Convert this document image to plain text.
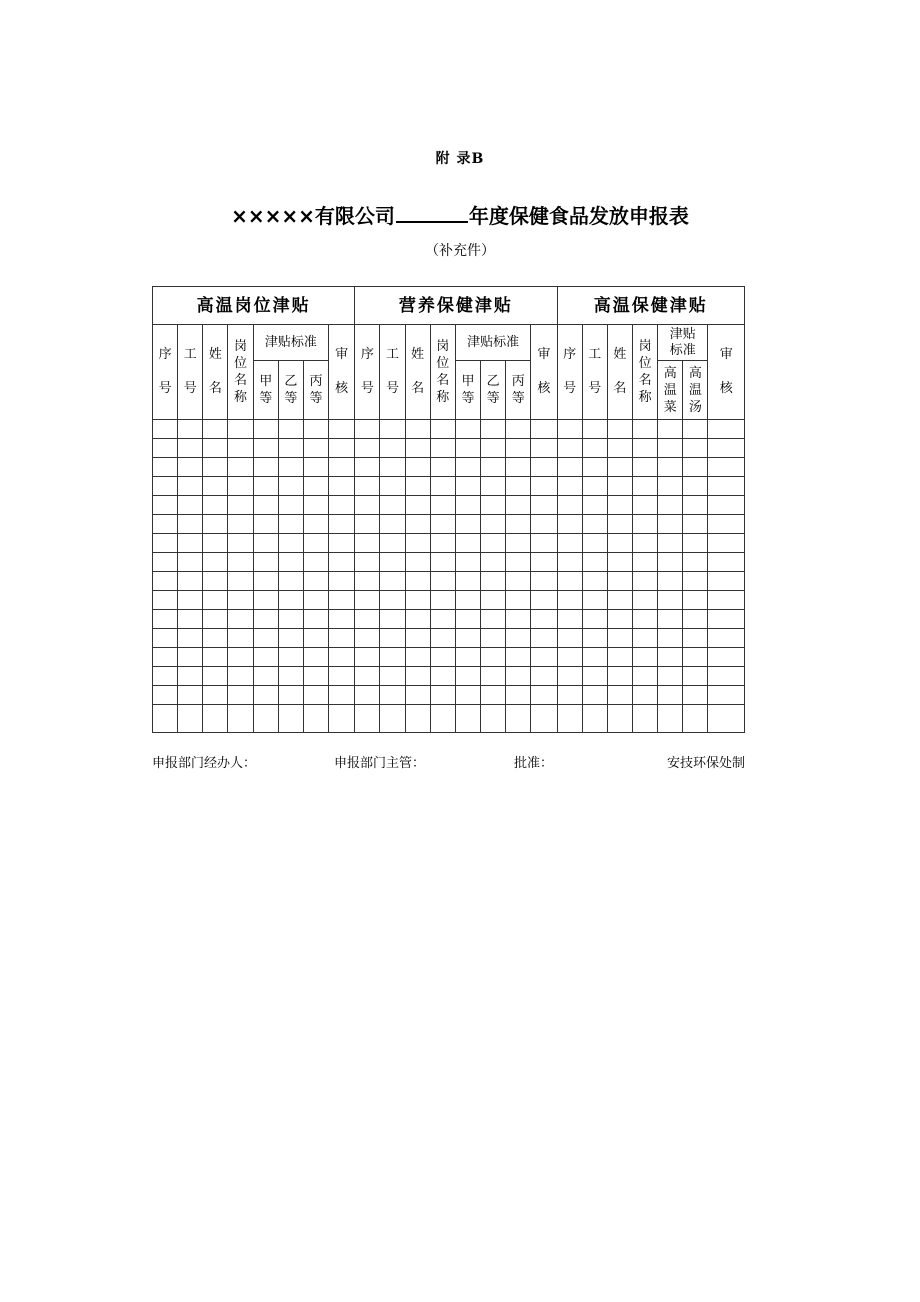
附 录B
×××××有限公司	年度保健食品发放申报表
（补充件）
高温岗位津贴								营养保健津贴								高温保健津贴						
序号	工号	姓名	岗位名称	津贴标准			审核	序号	工号	姓名	岗位名称	津贴标准			审核	序号	工号	姓名	岗位名称	津贴标准		审核
				甲等	乙等	丙等						甲等	乙等	丙等						高温菜	高温汤	

申报部门经办人：	申报部门主管：	批准：	安技环保处制
